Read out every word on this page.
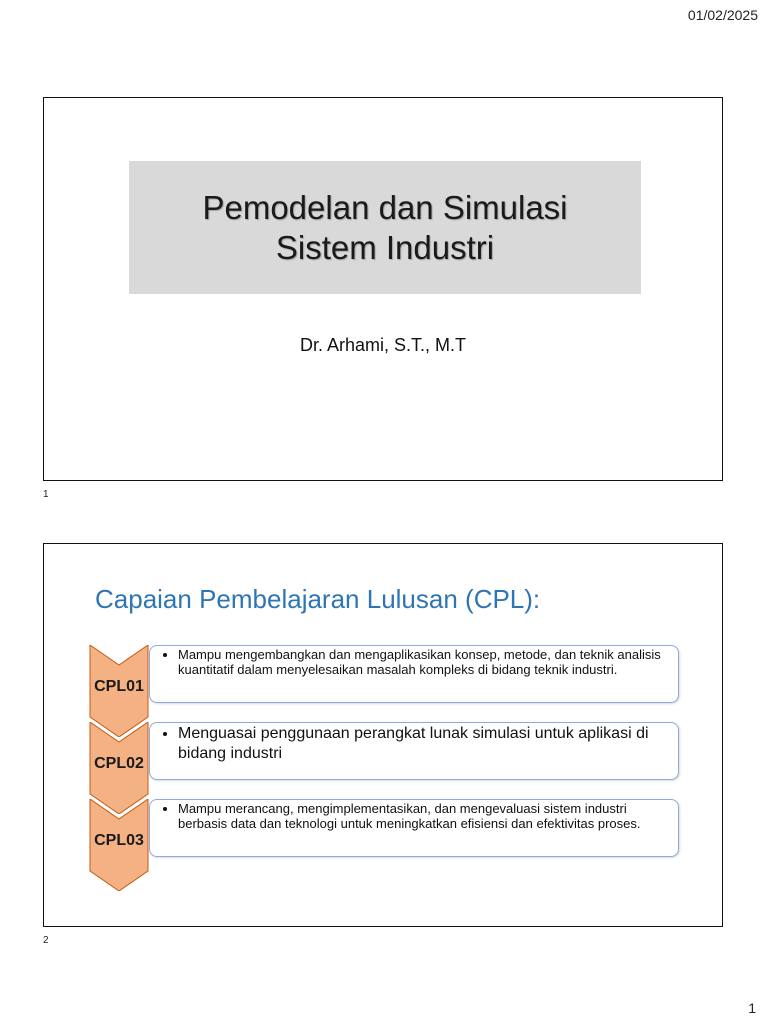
01/02/2025
Pemodelan dan Simulasi
Sistem Industri
Dr. Arhami, S.T., M.T
1
Capaian Pembelajaran Lulusan (CPL):
• Mampu mengembangkan dan mengaplikasikan konsep, metode, dan teknik analisis kuantitatif dalam menyelesaikan masalah kompleks di bidang teknik industri.
CPL01
• Menguasai penggunaan perangkat lunak simulasi untuk aplikasi di bidang industri
CPL02
• Mampu merancang, mengimplementasikan, dan mengevaluasi sistem industri berbasis data dan teknologi untuk meningkatkan efisiensi dan efektivitas proses.
CPL03
2
1
